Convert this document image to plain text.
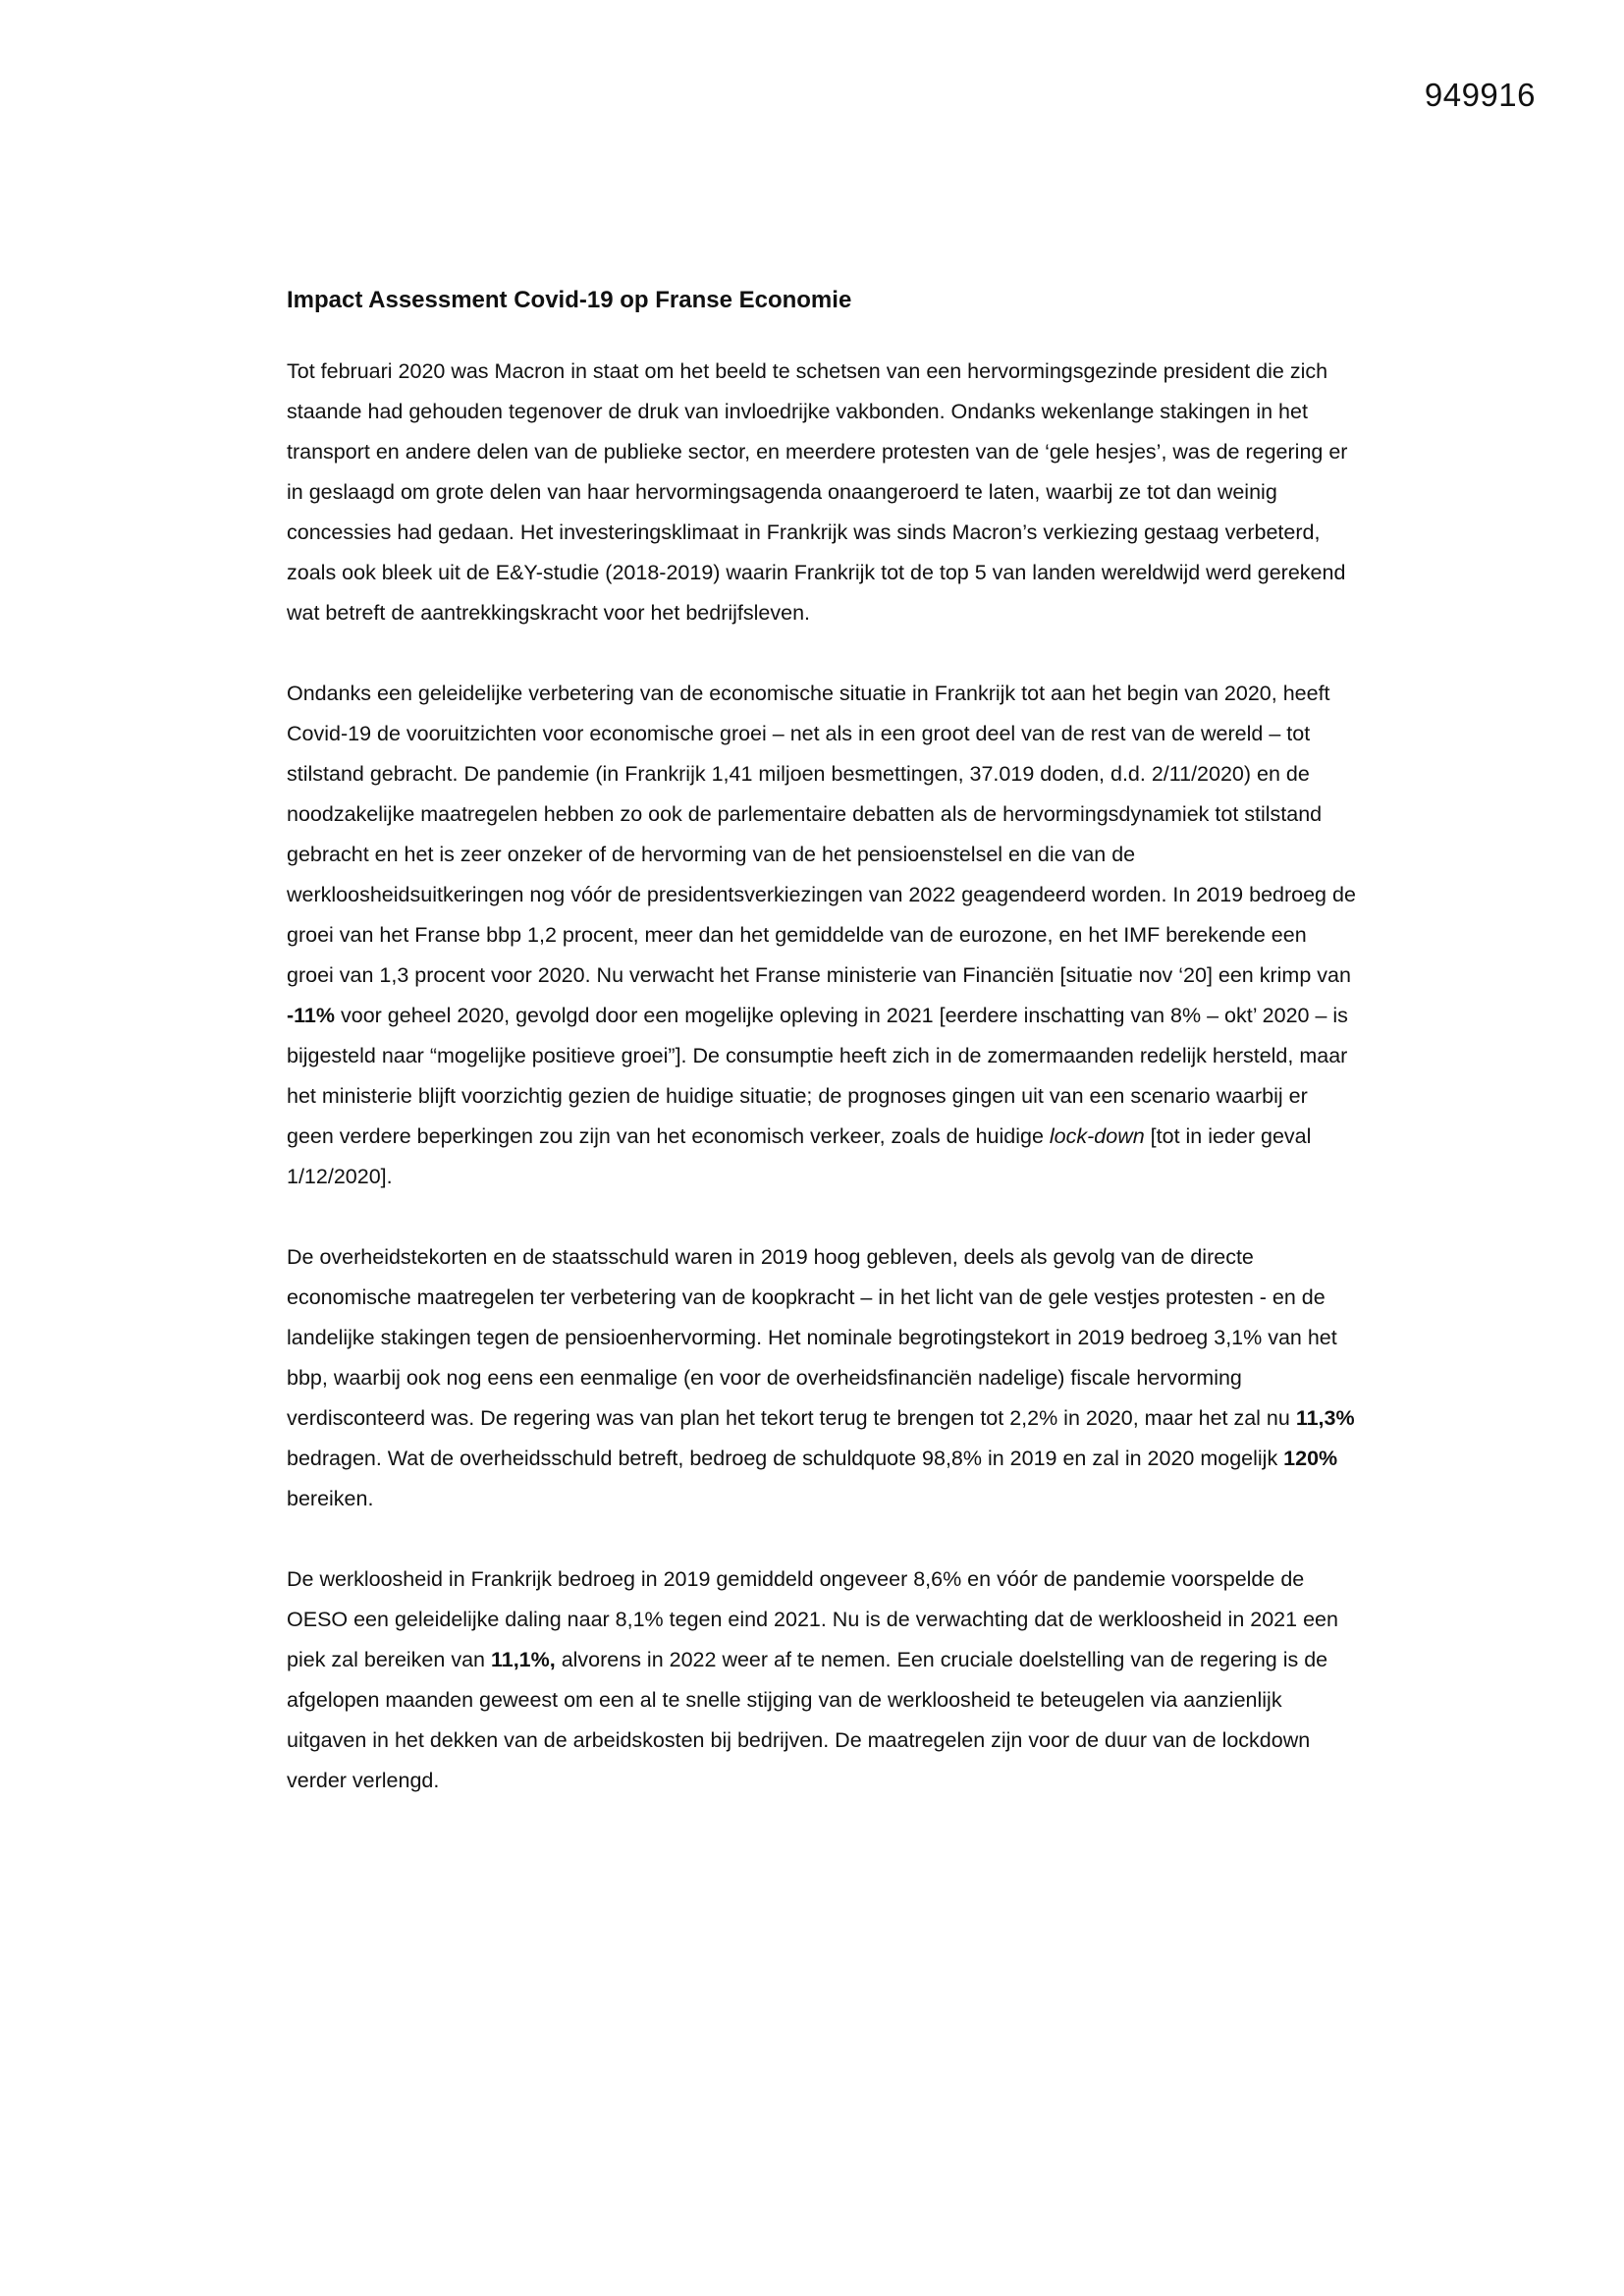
949916
Impact Assessment Covid-19 op Franse Economie

Tot februari 2020 was Macron in staat om het beeld te schetsen van een hervormingsgezinde president die zich staande had gehouden tegenover de druk van invloedrijke vakbonden. Ondanks wekenlange stakingen in het transport en andere delen van de publieke sector, en meerdere protesten van de ‘gele hesjes’, was de regering er in geslaagd om grote delen van haar hervormingsagenda onaangeroerd te laten, waarbij ze tot dan weinig concessies had gedaan. Het investeringsklimaat in Frankrijk was sinds Macron’s verkiezing gestaag verbeterd, zoals ook bleek uit de E&Y-studie (2018-2019) waarin Frankrijk tot de top 5 van landen wereldwijd werd gerekend wat betreft de aantrekkingskracht voor het bedrijfsleven.

Ondanks een geleidelijke verbetering van de economische situatie in Frankrijk tot aan het begin van 2020, heeft Covid-19 de vooruitzichten voor economische groei – net als in een groot deel van de rest van de wereld – tot stilstand gebracht. De pandemie (in Frankrijk 1,41 miljoen besmettingen, 37.019 doden, d.d. 2/11/2020) en de noodzakelijke maatregelen hebben zo ook de parlementaire debatten als de hervormingsdynamiek tot stilstand gebracht en het is zeer onzeker of de hervorming van de het pensioenstelsel en die van de werkloosheidsuitkeringen nog vóór de presidentsverkiezingen van 2022 geagendeerd worden. In 2019 bedroeg de groei van het Franse bbp 1,2 procent, meer dan het gemiddelde van de eurozone, en het IMF berekende een groei van 1,3 procent voor 2020. Nu verwacht het Franse ministerie van Financiën [situatie nov ‘20] een krimp van -11% voor geheel 2020, gevolgd door een mogelijke opleving in 2021 [eerdere inschatting van 8% – okt’ 2020 – is bijgesteld naar “mogelijke positieve groei”]. De consumptie heeft zich in de zomermaanden redelijk hersteld, maar het ministerie blijft voorzichtig gezien de huidige situatie; de prognoses gingen uit van een scenario waarbij er geen verdere beperkingen zou zijn van het economisch verkeer, zoals de huidige lock-down [tot in ieder geval 1/12/2020].

De overheidstekorten en de staatsschuld waren in 2019 hoog gebleven, deels als gevolg van de directe economische maatregelen ter verbetering van de koopkracht – in het licht van de gele vestjes protesten - en de landelijke stakingen tegen de pensioenhervorming. Het nominale begrotingstekort in 2019 bedroeg 3,1% van het bbp, waarbij ook nog eens een eenmalige (en voor de overheidsfinanciën nadelige) fiscale hervorming verdisconteerd was. De regering was van plan het tekort terug te brengen tot 2,2% in 2020, maar het zal nu 11,3% bedragen. Wat de overheidsschuld betreft, bedroeg de schuldquote 98,8% in 2019 en zal in 2020 mogelijk 120% bereiken.

De werkloosheid in Frankrijk bedroeg in 2019 gemiddeld ongeveer 8,6% en vóór de pandemie voorspelde de OESO een geleidelijke daling naar 8,1% tegen eind 2021. Nu is de verwachting dat de werkloosheid in 2021 een piek zal bereiken van 11,1%, alvorens in 2022 weer af te nemen. Een cruciale doelstelling van de regering is de afgelopen maanden geweest om een al te snelle stijging van de werkloosheid te beteugelen via aanzienlijk uitgaven in het dekken van de arbeidskosten bij bedrijven. De maatregelen zijn voor de duur van de lockdown verder verlengd.
